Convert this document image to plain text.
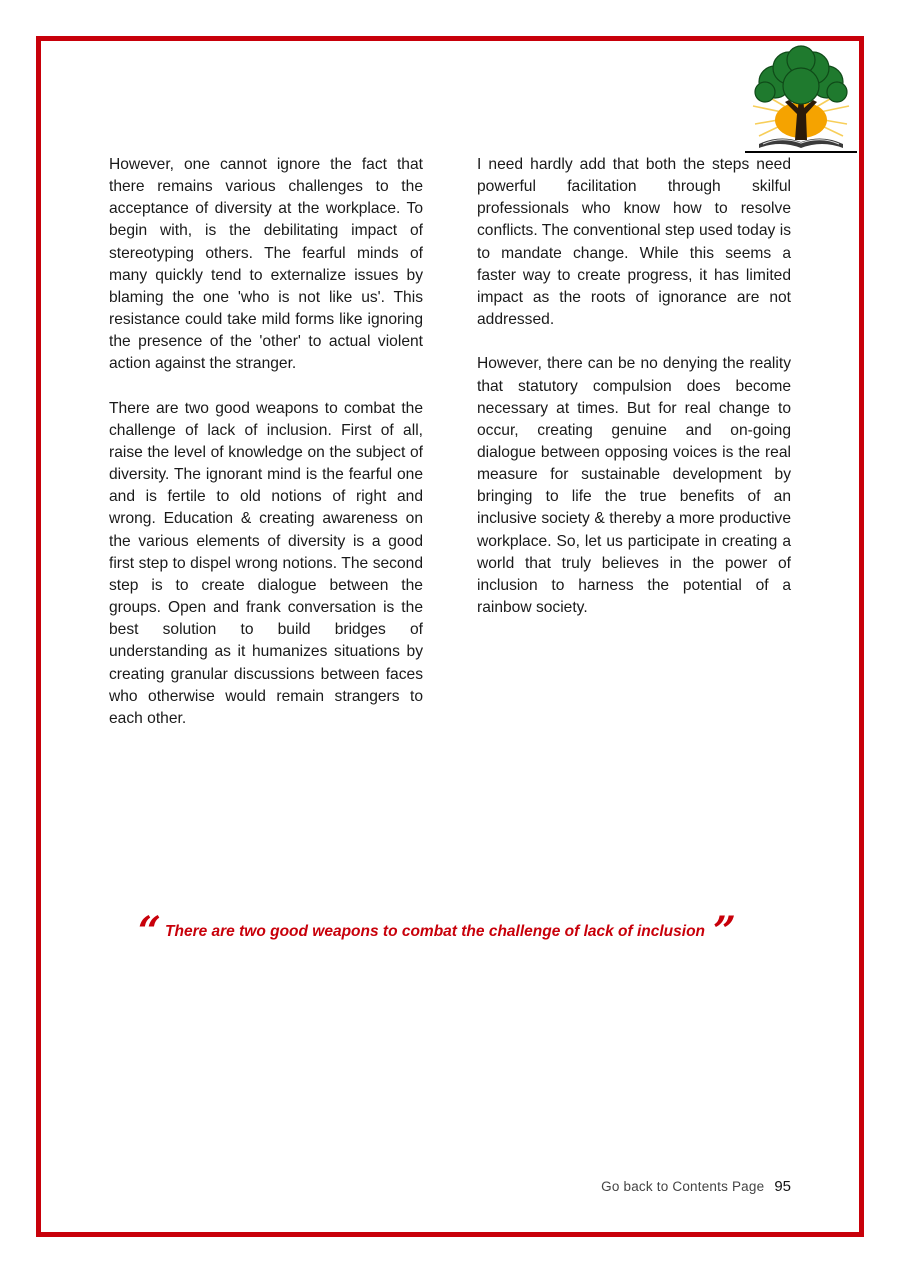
However, one cannot ignore the fact that there remains various challenges to the acceptance of diversity at the workplace. To begin with, is the debilitating impact of stereotyping others. The fearful minds of many quickly tend to externalize issues by blaming the one 'who is not like us'. This resistance could take mild forms like ignoring the presence of the 'other' to actual violent action against the stranger.

There are two good weapons to combat the challenge of lack of inclusion. First of all, raise the level of knowledge on the subject of diversity. The ignorant mind is the fearful one and is fertile to old notions of right and wrong. Education & creating awareness on the various elements of diversity is a good first step to dispel wrong notions. The second step is to create dialogue between the groups. Open and frank conversation is the best solution to build bridges of understanding as it humanizes situations by creating granular discussions between faces who otherwise would remain strangers to each other.

I need hardly add that both the steps need powerful facilitation through skilful professionals who know how to resolve conflicts. The conventional step used today is to mandate change. While this seems a faster way to create progress, it has limited impact as the roots of ignorance are not addressed.

However, there can be no denying the reality that statutory compulsion does become necessary at times. But for real change to occur, creating genuine and on-going dialogue between opposing voices is the real measure for sustainable development by bringing to life the true benefits of an inclusive society & thereby a more productive workplace. So, let us participate in creating a world that truly believes in the power of inclusion to harness the potential of a rainbow society.

“ There are two good weapons to combat the challenge of lack of inclusion ”
Go back to Contents Page 95
